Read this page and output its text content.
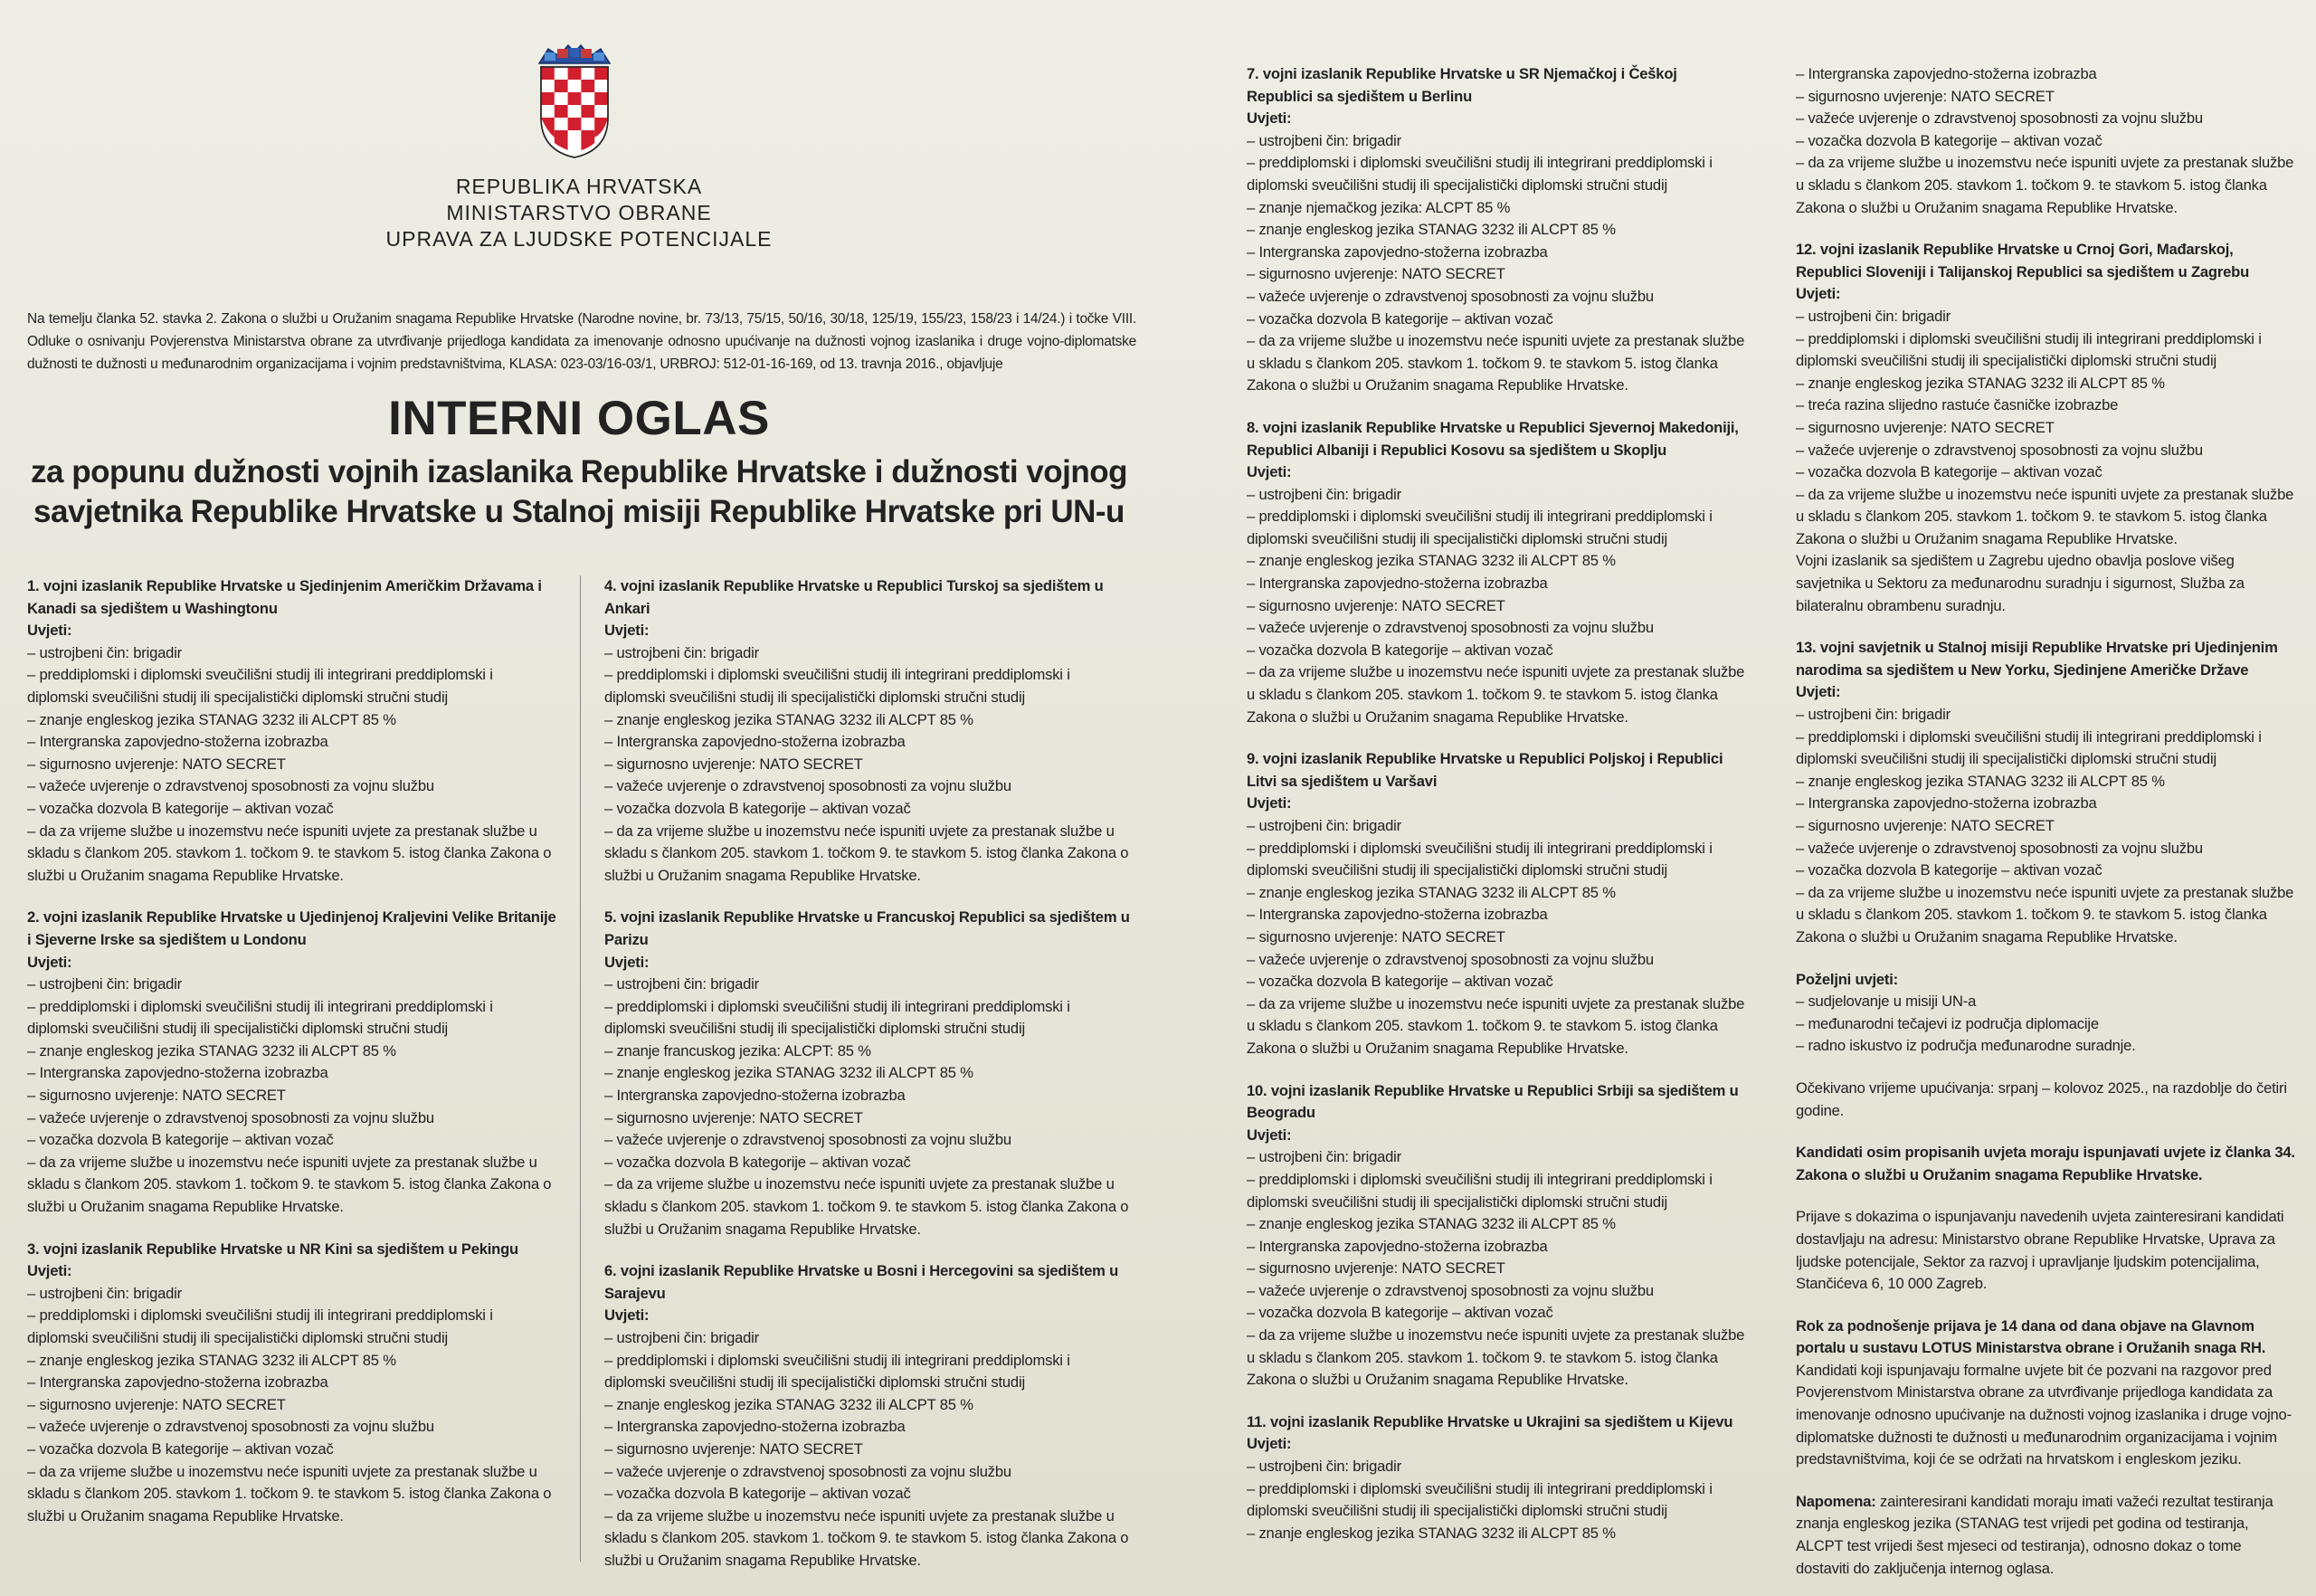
REPUBLIKA HRVATSKA
MINISTARSTVO OBRANE
UPRAVA ZA LJUDSKE POTENCIJALE
Na temelju članka 52. stavka 2. Zakona o službi u Oružanim snagama Republike Hrvatske (Narodne novine, br. 73/13, 75/15, 50/16, 30/18, 125/19, 155/23, 158/23 i 14/24.) i točke VIII. Odluke o osnivanju Povjerenstva Ministarstva obrane za utvrđivanje prijedloga kandidata za imenovanje odnosno upućivanje na dužnosti vojnog izaslanika i druge vojno-diplomatske dužnosti te dužnosti u međunarodnim organizacijama i vojnim predstavništvima, KLASA: 023-03/16-03/1, URBROJ: 512-01-16-169, od 13. travnja 2016., objavljuje
INTERNI OGLAS
za popunu dužnosti vojnih izaslanika Republike Hrvatske i dužnosti vojnog
savjetnika Republike Hrvatske u Stalnoj misiji Republike Hrvatske pri UN-u
1. vojni izaslanik Republike Hrvatske u Sjedinjenim Američkim Državama i Kanadi sa sjedištem u Washingtonu
Uvjeti:
– ustrojbeni čin: brigadir
– preddiplomski i diplomski sveučilišni studij ili integrirani preddiplomski i diplomski sveučilišni studij ili specijalistički diplomski stručni studij
– znanje engleskog jezika STANAG 3232 ili ALCPT 85 %
– Intergranska zapovjedno-stožerna izobrazba
– sigurnosno uvjerenje: NATO SECRET
– važeće uvjerenje o zdravstvenoj sposobnosti za vojnu službu
– vozačka dozvola B kategorije – aktivan vozač
– da za vrijeme službe u inozemstvu neće ispuniti uvjete za prestanak službe u skladu s člankom 205. stavkom 1. točkom 9. te stavkom 5. istog članka Zakona o službi u Oružanim snagama Republike Hrvatske.
2. vojni izaslanik Republike Hrvatske u Ujedinjenoj Kraljevini Velike Britanije i Sjeverne Irske sa sjedištem u Londonu
Uvjeti:
– ustrojbeni čin: brigadir
– preddiplomski i diplomski sveučilišni studij ili integrirani preddiplomski i diplomski sveučilišni studij ili specijalistički diplomski stručni studij
– znanje engleskog jezika STANAG 3232 ili ALCPT 85 %
– Intergranska zapovjedno-stožerna izobrazba
– sigurnosno uvjerenje: NATO SECRET
– važeće uvjerenje o zdravstvenoj sposobnosti za vojnu službu
– vozačka dozvola B kategorije – aktivan vozač
– da za vrijeme službe u inozemstvu neće ispuniti uvjete za prestanak službe u skladu s člankom 205. stavkom 1. točkom 9. te stavkom 5. istog članka Zakona o službi u Oružanim snagama Republike Hrvatske.
3. vojni izaslanik Republike Hrvatske u NR Kini sa sjedištem u Pekingu
Uvjeti:
– ustrojbeni čin: brigadir
– preddiplomski i diplomski sveučilišni studij ili integrirani preddiplomski i diplomski sveučilišni studij ili specijalistički diplomski stručni studij
– znanje engleskog jezika STANAG 3232 ili ALCPT 85 %
– Intergranska zapovjedno-stožerna izobrazba
– sigurnosno uvjerenje: NATO SECRET
– važeće uvjerenje o zdravstvenoj sposobnosti za vojnu službu
– vozačka dozvola B kategorije – aktivan vozač
– da za vrijeme službe u inozemstvu neće ispuniti uvjete za prestanak službe u skladu s člankom 205. stavkom 1. točkom 9. te stavkom 5. istog članka Zakona o službi u Oružanim snagama Republike Hrvatske.
4. vojni izaslanik Republike Hrvatske u Republici Turskoj sa sjedištem u Ankari
Uvjeti:
– ustrojbeni čin: brigadir
– preddiplomski i diplomski sveučilišni studij ili integrirani preddiplomski i diplomski sveučilišni studij ili specijalistički diplomski stručni studij
– znanje engleskog jezika STANAG 3232 ili ALCPT 85 %
– Intergranska zapovjedno-stožerna izobrazba
– sigurnosno uvjerenje: NATO SECRET
– važeće uvjerenje o zdravstvenoj sposobnosti za vojnu službu
– vozačka dozvola B kategorije – aktivan vozač
– da za vrijeme službe u inozemstvu neće ispuniti uvjete za prestanak službe u skladu s člankom 205. stavkom 1. točkom 9. te stavkom 5. istog članka Zakona o službi u Oružanim snagama Republike Hrvatske.
5. vojni izaslanik Republike Hrvatske u Francuskoj Republici sa sjedištem u Parizu
Uvjeti:
– ustrojbeni čin: brigadir
– preddiplomski i diplomski sveučilišni studij ili integrirani preddiplomski i diplomski sveučilišni studij ili specijalistički diplomski stručni studij
– znanje francuskog jezika: ALCPT: 85 %
– znanje engleskog jezika STANAG 3232 ili ALCPT 85 %
– Intergranska zapovjedno-stožerna izobrazba
– sigurnosno uvjerenje: NATO SECRET
– važeće uvjerenje o zdravstvenoj sposobnosti za vojnu službu
– vozačka dozvola B kategorije – aktivan vozač
– da za vrijeme službe u inozemstvu neće ispuniti uvjete za prestanak službe u skladu s člankom 205. stavkom 1. točkom 9. te stavkom 5. istog članka Zakona o službi u Oružanim snagama Republike Hrvatske.
6. vojni izaslanik Republike Hrvatske u Bosni i Hercegovini sa sjedištem u Sarajevu
Uvjeti:
– ustrojbeni čin: brigadir
– preddiplomski i diplomski sveučilišni studij ili integrirani preddiplomski i diplomski sveučilišni studij ili specijalistički diplomski stručni studij
– znanje engleskog jezika STANAG 3232 ili ALCPT 85 %
– Intergranska zapovjedno-stožerna izobrazba
– sigurnosno uvjerenje: NATO SECRET
– važeće uvjerenje o zdravstvenoj sposobnosti za vojnu službu
– vozačka dozvola B kategorije – aktivan vozač
– da za vrijeme službe u inozemstvu neće ispuniti uvjete za prestanak službe u skladu s člankom 205. stavkom 1. točkom 9. te stavkom 5. istog članka Zakona o službi u Oružanim snagama Republike Hrvatske.
7. vojni izaslanik Republike Hrvatske u SR Njemačkoj i Češkoj Republici sa sjedištem u Berlinu
Uvjeti:
– ustrojbeni čin: brigadir
– preddiplomski i diplomski sveučilišni studij ili integrirani preddiplomski i diplomski sveučilišni studij ili specijalistički diplomski stručni studij
– znanje njemačkog jezika: ALCPT 85 %
– znanje engleskog jezika STANAG 3232 ili ALCPT 85 %
– Intergranska zapovjedno-stožerna izobrazba
– sigurnosno uvjerenje: NATO SECRET
– važeće uvjerenje o zdravstvenoj sposobnosti za vojnu službu
– vozačka dozvola B kategorije – aktivan vozač
– da za vrijeme službe u inozemstvu neće ispuniti uvjete za prestanak službe u skladu s člankom 205. stavkom 1. točkom 9. te stavkom 5. istog članka Zakona o službi u Oružanim snagama Republike Hrvatske.
8. vojni izaslanik Republike Hrvatske u Republici Sjevernoj Makedoniji, Republici Albaniji i Republici Kosovu sa sjedištem u Skoplju
Uvjeti:
– ustrojbeni čin: brigadir
– preddiplomski i diplomski sveučilišni studij ili integrirani preddiplomski i diplomski sveučilišni studij ili specijalistički diplomski stručni studij
– znanje engleskog jezika STANAG 3232 ili ALCPT 85 %
– Intergranska zapovjedno-stožerna izobrazba
– sigurnosno uvjerenje: NATO SECRET
– važeće uvjerenje o zdravstvenoj sposobnosti za vojnu službu
– vozačka dozvola B kategorije – aktivan vozač
– da za vrijeme službe u inozemstvu neće ispuniti uvjete za prestanak službe u skladu s člankom 205. stavkom 1. točkom 9. te stavkom 5. istog članka Zakona o službi u Oružanim snagama Republike Hrvatske.
9. vojni izaslanik Republike Hrvatske u Republici Poljskoj i Republici Litvi sa sjedištem u Varšavi
Uvjeti:
– ustrojbeni čin: brigadir
– preddiplomski i diplomski sveučilišni studij ili integrirani preddiplomski i diplomski sveučilišni studij ili specijalistički diplomski stručni studij
– znanje engleskog jezika STANAG 3232 ili ALCPT 85 %
– Intergranska zapovjedno-stožerna izobrazba
– sigurnosno uvjerenje: NATO SECRET
– važeće uvjerenje o zdravstvenoj sposobnosti za vojnu službu
– vozačka dozvola B kategorije – aktivan vozač
– da za vrijeme službe u inozemstvu neće ispuniti uvjete za prestanak službe u skladu s člankom 205. stavkom 1. točkom 9. te stavkom 5. istog članka Zakona o službi u Oružanim snagama Republike Hrvatske.
10. vojni izaslanik Republike Hrvatske u Republici Srbiji sa sjedištem u Beogradu
Uvjeti:
– ustrojbeni čin: brigadir
– preddiplomski i diplomski sveučilišni studij ili integrirani preddiplomski i diplomski sveučilišni studij ili specijalistički diplomski stručni studij
– znanje engleskog jezika STANAG 3232 ili ALCPT 85 %
– Intergranska zapovjedno-stožerna izobrazba
– sigurnosno uvjerenje: NATO SECRET
– važeće uvjerenje o zdravstvenoj sposobnosti za vojnu službu
– vozačka dozvola B kategorije – aktivan vozač
– da za vrijeme službe u inozemstvu neće ispuniti uvjete za prestanak službe u skladu s člankom 205. stavkom 1. točkom 9. te stavkom 5. istog članka Zakona o službi u Oružanim snagama Republike Hrvatske.
11. vojni izaslanik Republike Hrvatske u Ukrajini sa sjedištem u Kijevu
Uvjeti:
– ustrojbeni čin: brigadir
– preddiplomski i diplomski sveučilišni studij ili integrirani preddiplomski i diplomski sveučilišni studij ili specijalistički diplomski stručni studij
– znanje engleskog jezika STANAG 3232 ili ALCPT 85 %
– Intergranska zapovjedno-stožerna izobrazba
– sigurnosno uvjerenje: NATO SECRET
– važeće uvjerenje o zdravstvenoj sposobnosti za vojnu službu
– vozačka dozvola B kategorije – aktivan vozač
– da za vrijeme službe u inozemstvu neće ispuniti uvjete za prestanak službe u skladu s člankom 205. stavkom 1. točkom 9. te stavkom 5. istog članka Zakona o službi u Oružanim snagama Republike Hrvatske.
12. vojni izaslanik Republike Hrvatske u Crnoj Gori, Mađarskoj, Republici Sloveniji i Talijanskoj Republici sa sjedištem u Zagrebu
Uvjeti:
– ustrojbeni čin: brigadir
– preddiplomski i diplomski sveučilišni studij ili integrirani preddiplomski i diplomski sveučilišni studij ili specijalistički diplomski stručni studij
– znanje engleskog jezika STANAG 3232 ili ALCPT 85 %
– treća razina slijedno rastuće časničke izobrazbe
– sigurnosno uvjerenje: NATO SECRET
– važeće uvjerenje o zdravstvenoj sposobnosti za vojnu službu
– vozačka dozvola B kategorije – aktivan vozač
– da za vrijeme službe u inozemstvu neće ispuniti uvjete za prestanak službe u skladu s člankom 205. stavkom 1. točkom 9. te stavkom 5. istog članka Zakona o službi u Oružanim snagama Republike Hrvatske.
Vojni izaslanik sa sjedištem u Zagrebu ujedno obavlja poslove višeg savjetnika u Sektoru za međunarodnu suradnju i sigurnost, Služba za bilateralnu obrambenu suradnju.
13. vojni savjetnik u Stalnoj misiji Republike Hrvatske pri Ujedinjenim narodima sa sjedištem u New Yorku, Sjedinjene Američke Države
Uvjeti:
– ustrojbeni čin: brigadir
– preddiplomski i diplomski sveučilišni studij ili integrirani preddiplomski i diplomski sveučilišni studij ili specijalistički diplomski stručni studij
– znanje engleskog jezika STANAG 3232 ili ALCPT 85 %
– Intergranska zapovjedno-stožerna izobrazba
– sigurnosno uvjerenje: NATO SECRET
– važeće uvjerenje o zdravstvenoj sposobnosti za vojnu službu
– vozačka dozvola B kategorije – aktivan vozač
– da za vrijeme službe u inozemstvu neće ispuniti uvjete za prestanak službe u skladu s člankom 205. stavkom 1. točkom 9. te stavkom 5. istog članka Zakona o službi u Oružanim snagama Republike Hrvatske.
Poželjni uvjeti:
– sudjelovanje u misiji UN-a
– međunarodni tečajevi iz područja diplomacije
– radno iskustvo iz područja međunarodne suradnje.
Očekivano vrijeme upućivanja: srpanj – kolovoz 2025., na razdoblje do četiri godine.
Kandidati osim propisanih uvjeta moraju ispunjavati uvjete iz članka 34. Zakona o službi u Oružanim snagama Republike Hrvatske.
Prijave s dokazima o ispunjavanju navedenih uvjeta zainteresirani kandidati dostavljaju na adresu: Ministarstvo obrane Republike Hrvatske, Uprava za ljudske potencijale, Sektor za razvoj i upravljanje ljudskim potencijalima, Stančićeva 6, 10 000 Zagreb.
Rok za podnošenje prijava je 14 dana od dana objave na Glavnom portalu u sustavu LOTUS Ministarstva obrane i Oružanih snaga RH.
Kandidati koji ispunjavaju formalne uvjete bit će pozvani na razgovor pred Povjerenstvom Ministarstva obrane za utvrđivanje prijedloga kandidata za imenovanje odnosno upućivanje na dužnosti vojnog izaslanika i druge vojno-diplomatske dužnosti te dužnosti u međunarodnim organizacijama i vojnim predstavništvima, koji će se održati na hrvatskom i engleskom jeziku.
Napomena: zainteresirani kandidati moraju imati važeći rezultat testiranja znanja engleskog jezika (STANAG test vrijedi pet godina od testiranja, ALCPT test vrijedi šest mjeseci od testiranja), odnosno dokaz o tome dostaviti do zaključenja internog oglasa.
